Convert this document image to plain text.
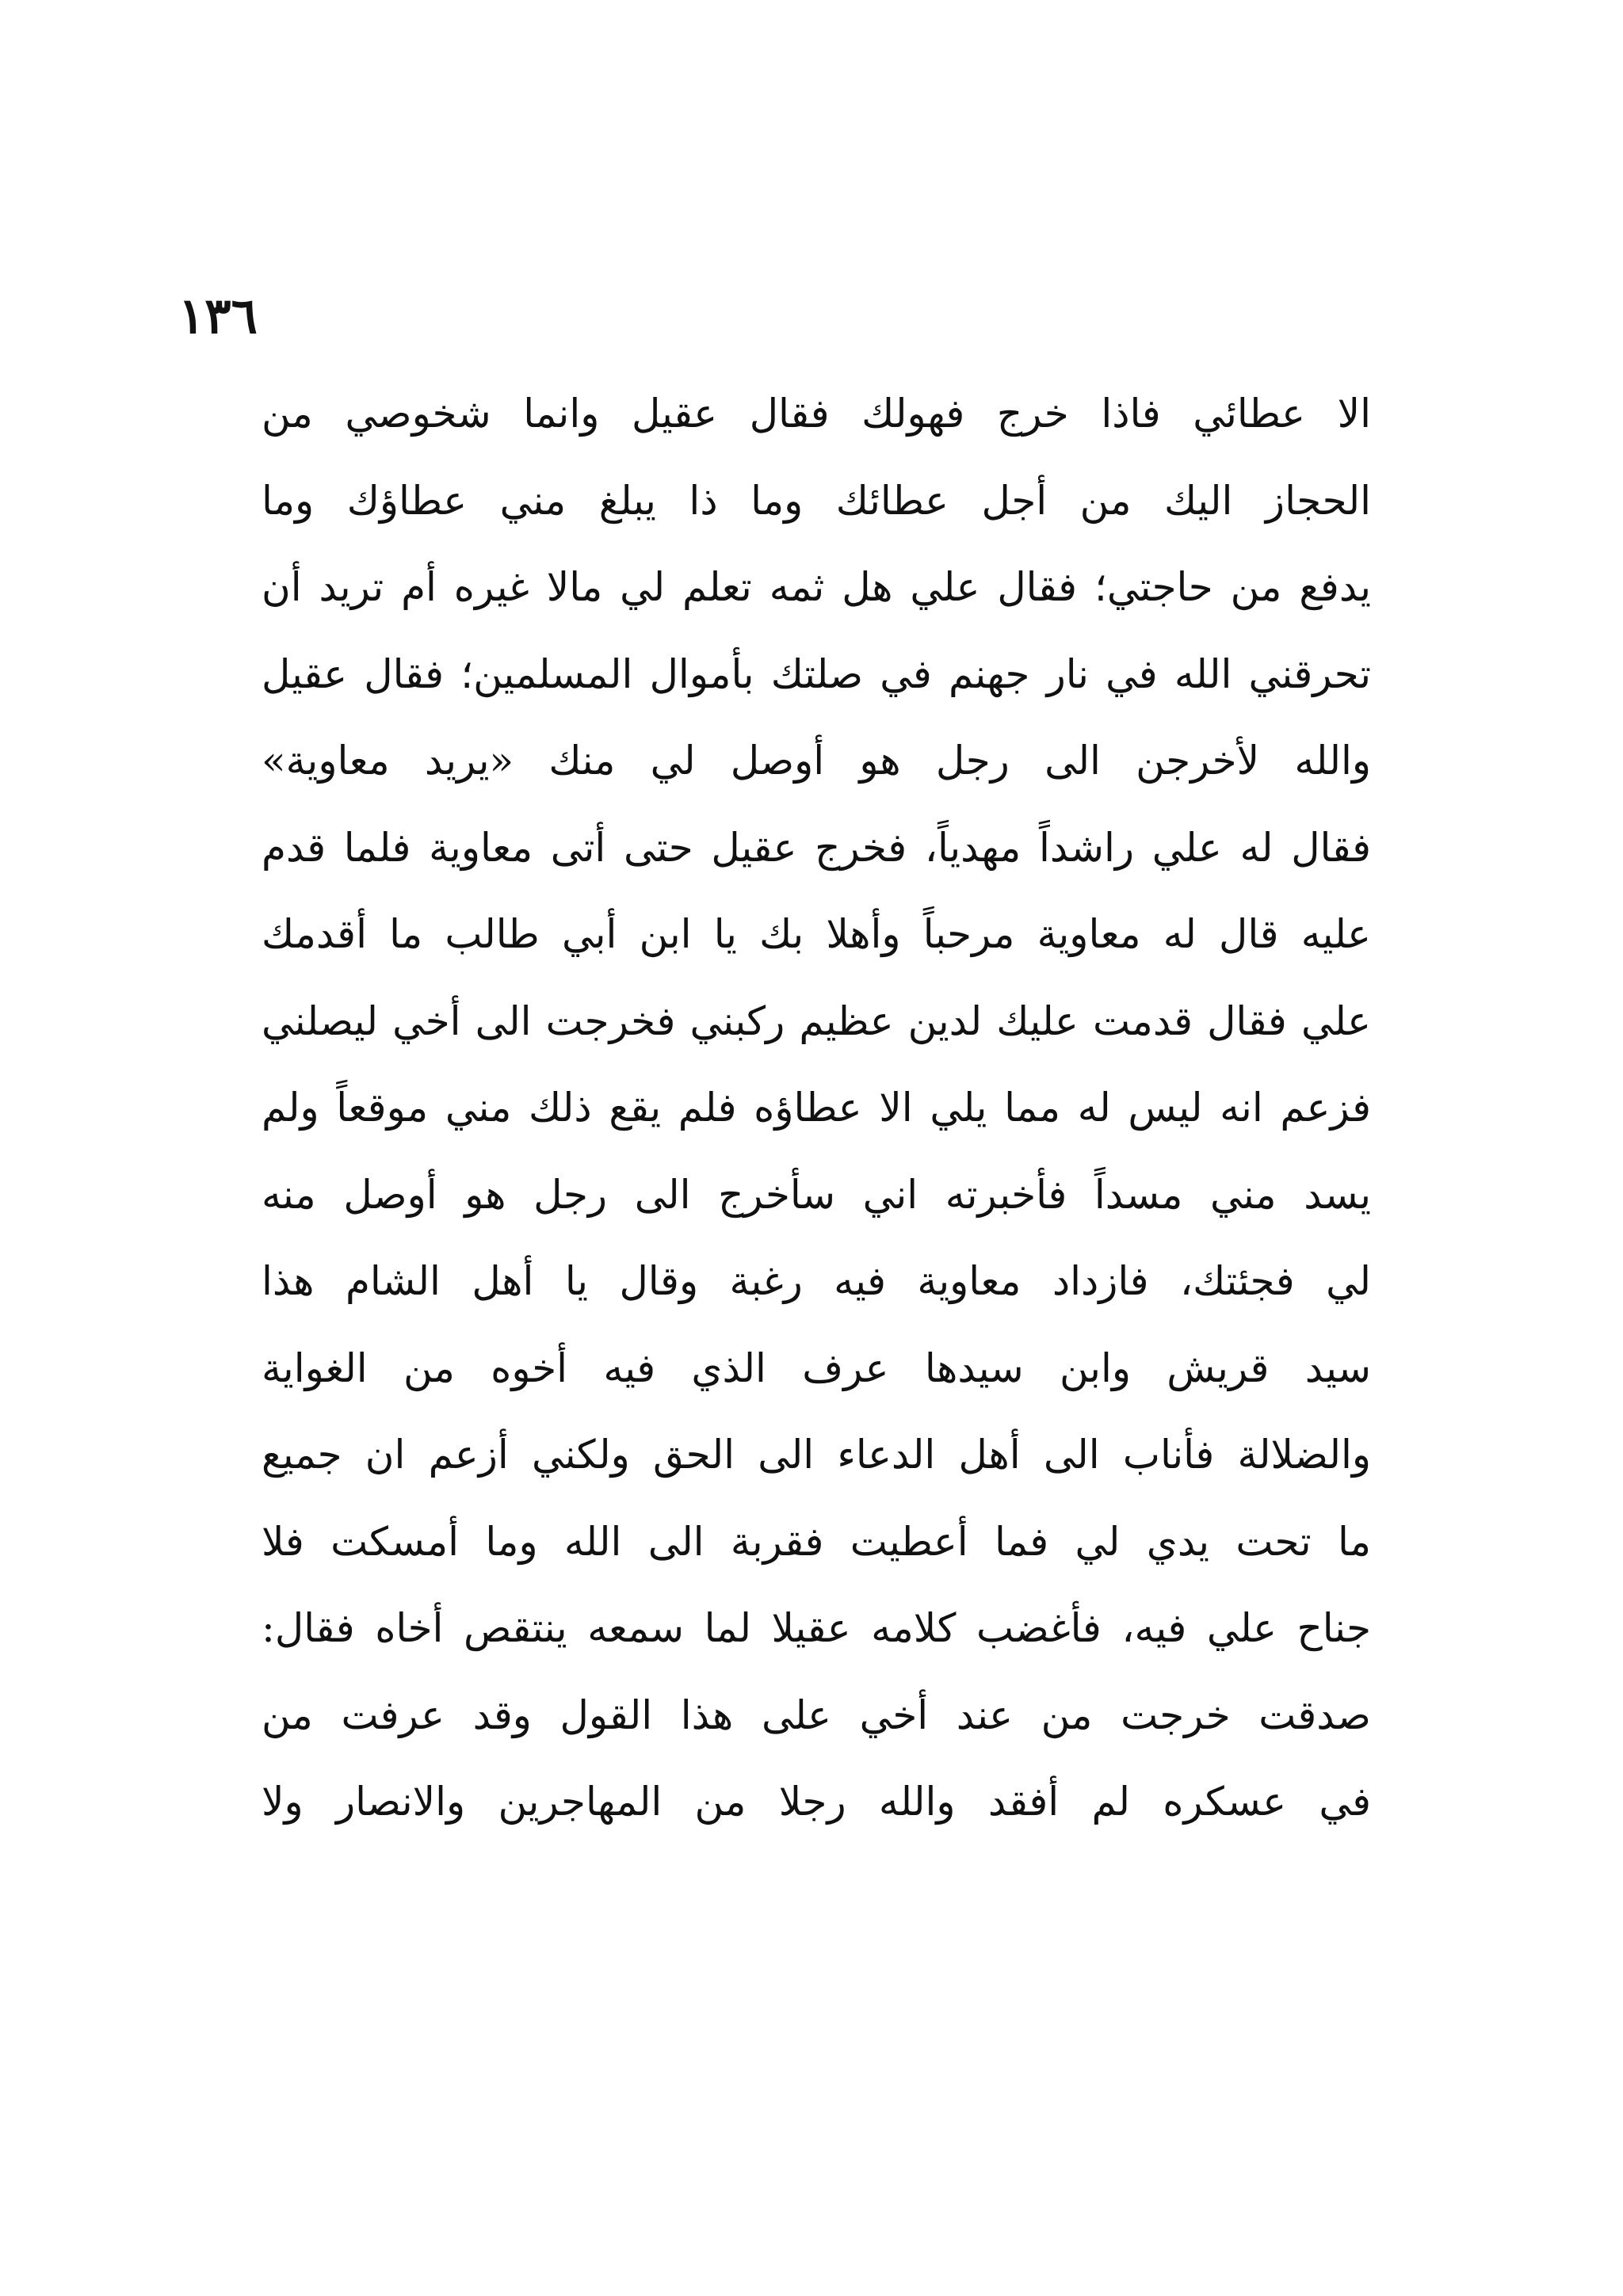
١٣٦
الا عطائي فاذا خرج فهولك فقال عقيل وانما شخوصي من
الحجاز اليك من أجل عطائك وما ذا يبلغ مني عطاؤك وما
يدفع من حاجتي؛ فقال علي هل ثمه تعلم لي مالا غيره أم تريد أن
تحرقني الله في نار جهنم في صلتك بأموال المسلمين؛ فقال عقيل
والله لأخرجن الى رجل هو أوصل لي منك «يريد معاوية»
فقال له علي راشداً مهدياً، فخرج عقيل حتى أتى معاوية فلما قدم
عليه قال له معاوية مرحباً وأهلا بك يا ابن أبي طالب ما أقدمك
علي فقال قدمت عليك لدين عظيم ركبني فخرجت الى أخي ليصلني
فزعم انه ليس له مما يلي الا عطاؤه فلم يقع ذلك مني موقعاً ولم
يسد مني مسداً فأخبرته اني سأخرج الى رجل هو أوصل منه
لي فجئتك، فازداد معاوية فيه رغبة وقال يا أهل الشام هذا
سيد قريش وابن سيدها عرف الذي فيه أخوه من الغواية
والضلالة فأناب الى أهل الدعاء الى الحق ولكني أزعم ان جميع
ما تحت يدي لي فما أعطيت فقربة الى الله وما أمسكت فلا
جناح علي فيه، فأغضب كلامه عقيلا لما سمعه ينتقص أخاه فقال:
صدقت خرجت من عند أخي على هذا القول وقد عرفت من
في عسكره لم أفقد والله رجلا من المهاجرين والانصار ولا
